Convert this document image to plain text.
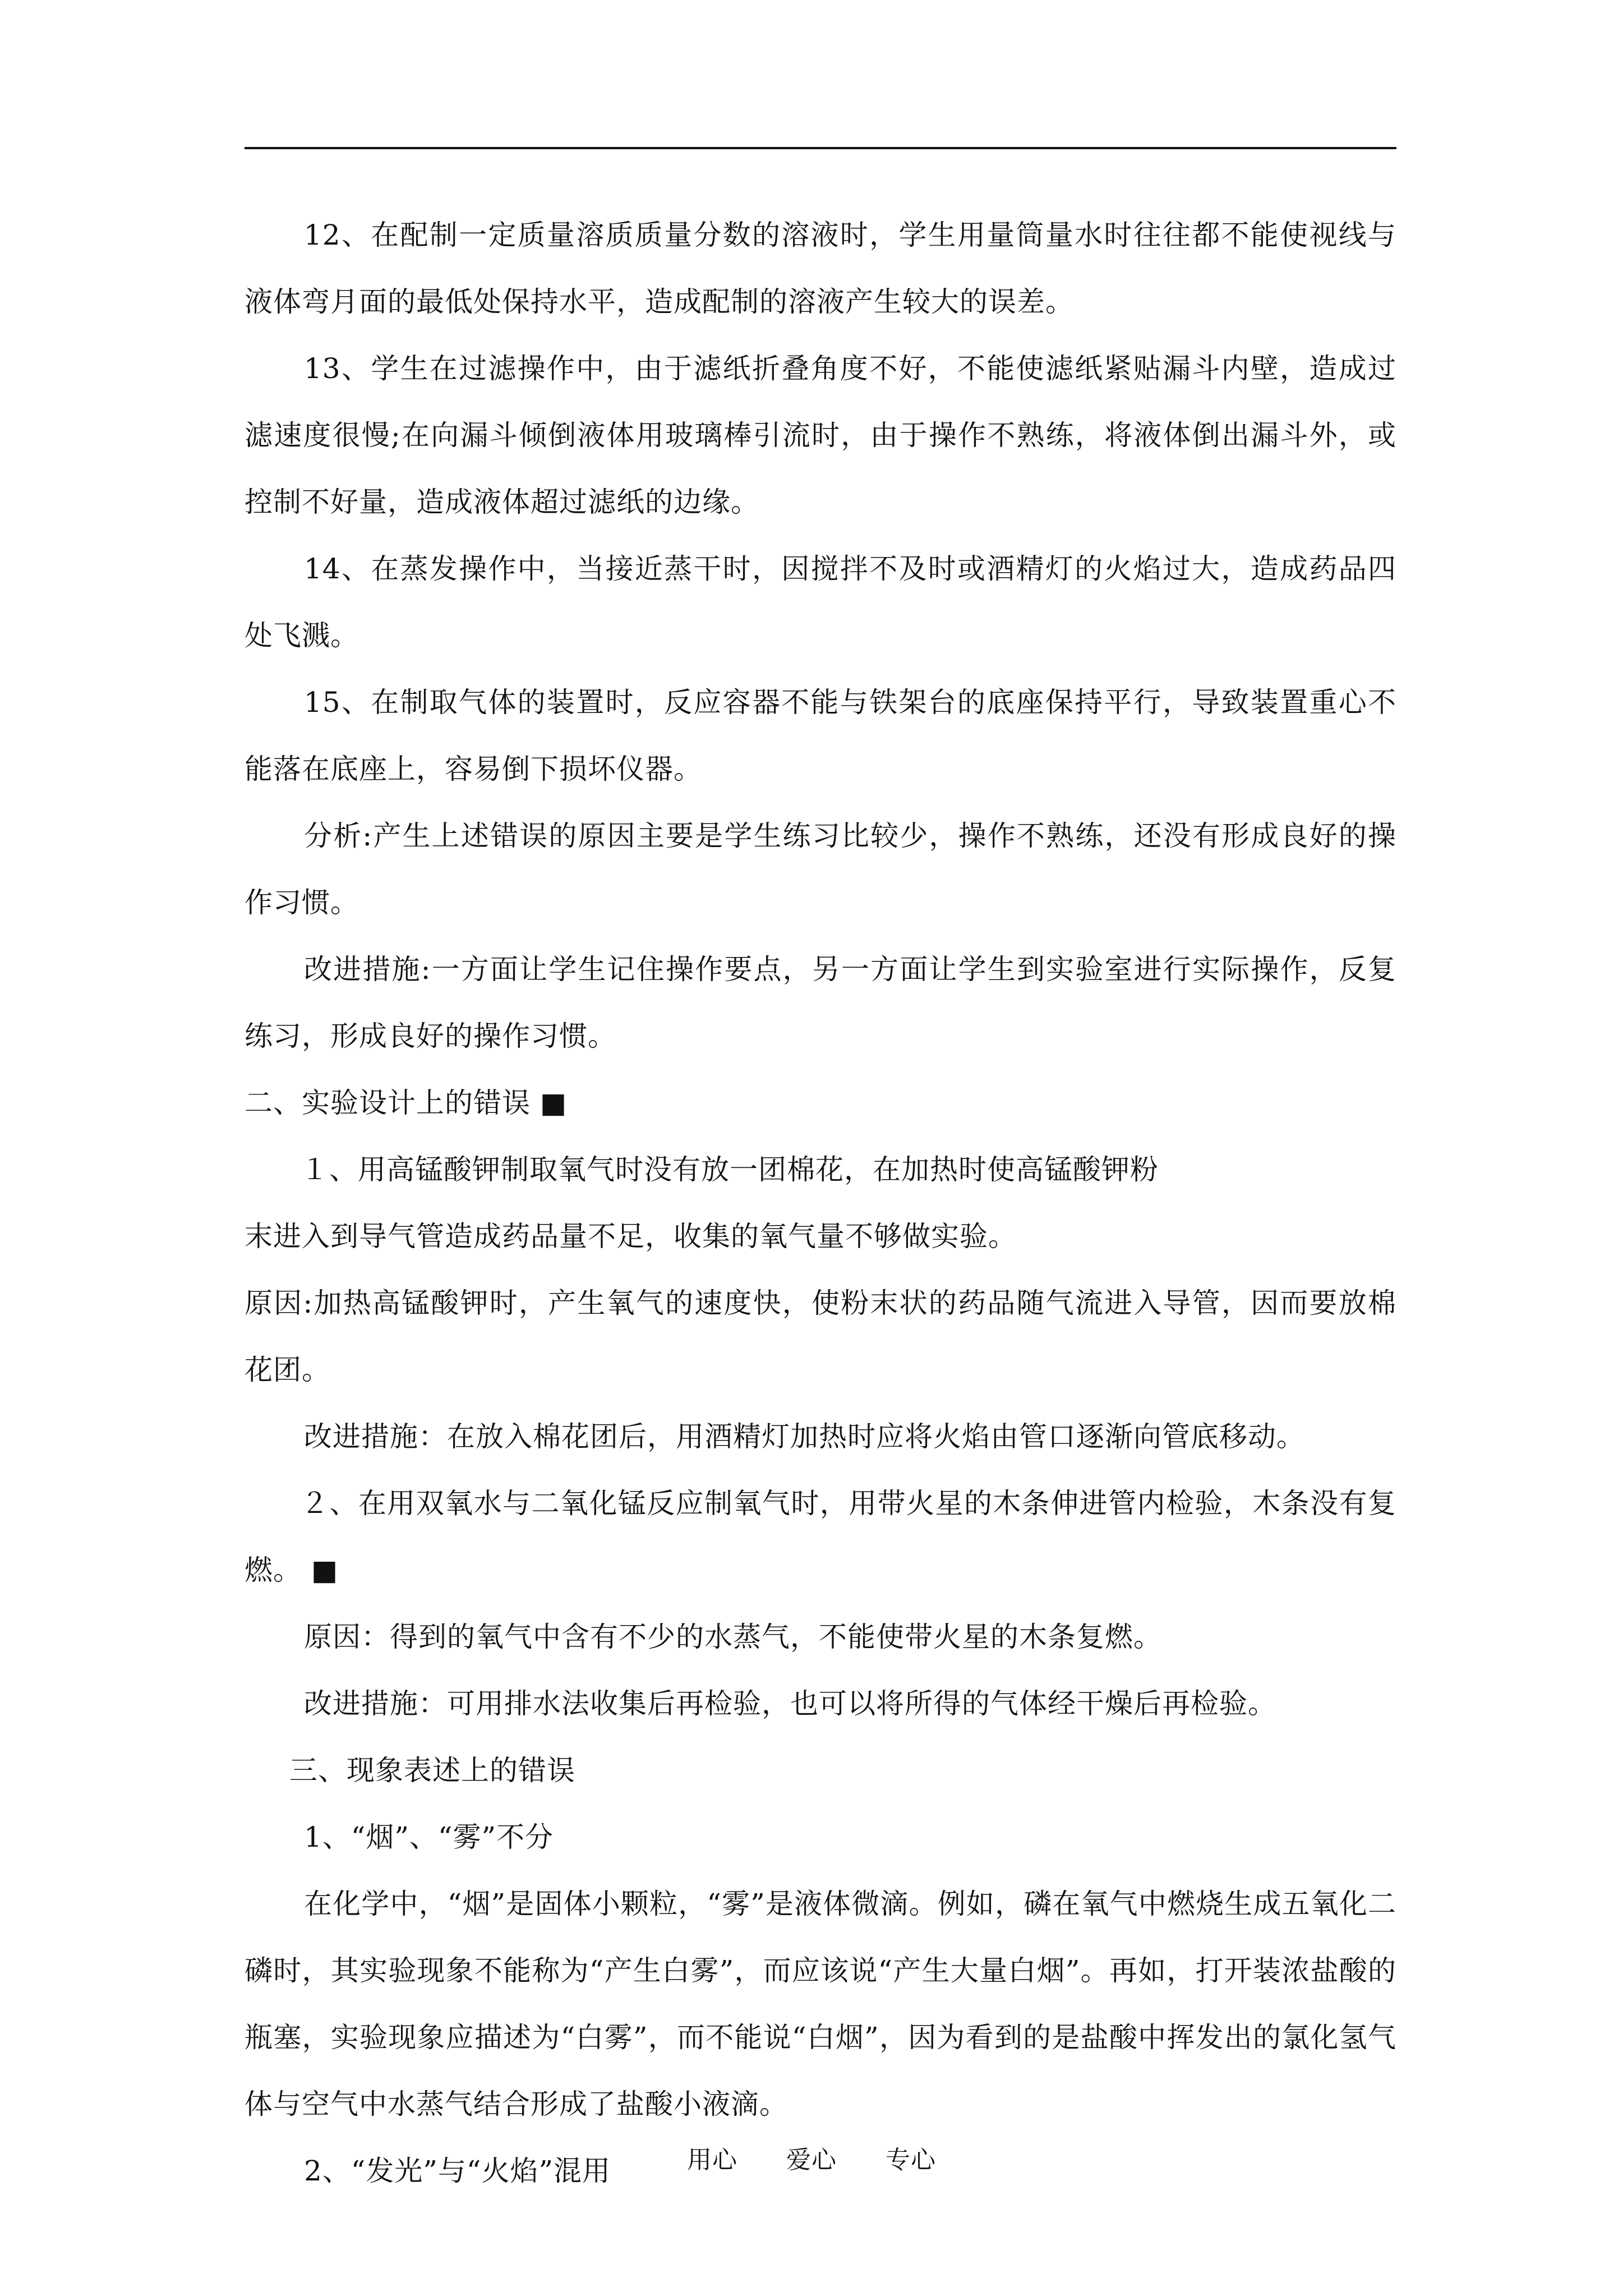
12、在配制一定质量溶质质量分数的溶液时，学生用量筒量水时往往都不能使视线与液体弯月面的最低处保持水平，造成配制的溶液产生较大的误差。

13、学生在过滤操作中，由于滤纸折叠角度不好，不能使滤纸紧贴漏斗内壁，造成过滤速度很慢;在向漏斗倾倒液体用玻璃棒引流时，由于操作不熟练，将液体倒出漏斗外，或控制不好量，造成液体超过滤纸的边缘。

14、在蒸发操作中，当接近蒸干时，因搅拌不及时或酒精灯的火焰过大，造成药品四处飞溅。

15、在制取气体的装置时，反应容器不能与铁架台的底座保持平行，导致装置重心不能落在底座上，容易倒下损坏仪器。

分析:产生上述错误的原因主要是学生练习比较少，操作不熟练，还没有形成良好的操作习惯。

改进措施:一方面让学生记住操作要点，另一方面让学生到实验室进行实际操作，反复练习，形成良好的操作习惯。

二、实验设计上的错误 ■

１、用高锰酸钾制取氧气时没有放一团棉花，在加热时使高锰酸钾粉

末进入到导气管造成药品量不足，收集的氧气量不够做实验。

原因:加热高锰酸钾时，产生氧气的速度快，使粉末状的药品随气流进入导管，因而要放棉花团。

改进措施：在放入棉花团后，用酒精灯加热时应将火焰由管口逐渐向管底移动。

２、在用双氧水与二氧化锰反应制氧气时，用带火星的木条伸进管内检验，木条没有复燃。 ■

原因：得到的氧气中含有不少的水蒸气，不能使带火星的木条复燃。

改进措施：可用排水法收集后再检验，也可以将所得的气体经干燥后再检验。

三、现象表述上的错误

1、“烟”、“雾”不分

在化学中，“烟”是固体小颗粒，“雾”是液体微滴。例如，磷在氧气中燃烧生成五氧化二磷时，其实验现象不能称为“产生白雾”，而应该说“产生大量白烟”。再如，打开装浓盐酸的瓶塞，实验现象应描述为“白雾”，而不能说“白烟”，因为看到的是盐酸中挥发出的氯化氢气体与空气中水蒸气结合形成了盐酸小液滴。

2、“发光”与“火焰”混用	用心 爱心 专心
